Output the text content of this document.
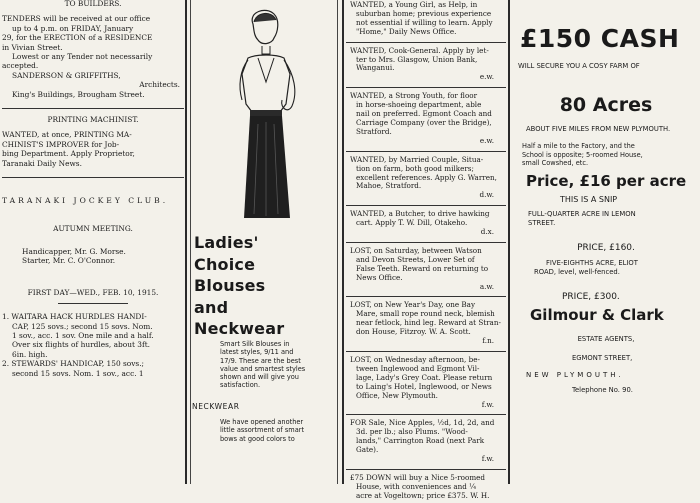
TO BUILDERS.
TENDERS will be received at our office
up to 4 p.m. on FRIDAY, January
29, for the ERECTION of a RESIDENCE
in Vivian Street.
Lowest or any Tender not necessarily
accepted.
SANDERSON & GRIFFITHS,
Architects.
King's Buildings, Brougham Street.
PRINTING MACHINIST.
WANTED, at once, PRINTING MA-
CHINIST'S IMPROVER for Job-
bing Department. Apply Proprietor,
Taranaki Daily News.
TARANAKI JOCKEY CLUB.
AUTUMN MEETING.
Handicapper, Mr. G. Morse.
Starter, Mr. C. O'Connor.
FIRST DAY—WED., FEB. 10, 1915.
1. WAITARA HACK HURDLES HANDI-
CAP, 125 sovs.; second 15 sovs. Nom.
1 sov., acc. 1 sov. One mile and a half.
Over six flights of hurdles, about 3ft.
6in. high.
2. STEWARDS' HANDICAP, 150 sovs.;
second 15 sovs. Nom. 1 sov., acc. 1
Ladies'
Choice
Blouses
and
Neckwear
Smart Silk Blouses in
latest styles, 9/11 and
17/9. These are the best
value and smartest styles
shown and will give you
satisfaction.
NECKWEAR
We have opened another
little assortment of smart
bows at good colors to
WANTED, a Young Girl, as Help, in
suburban home; previous experience
not essential if willing to learn. Apply
"Home," Daily News Office.
WANTED, Cook-General. Apply by let-
ter to Mrs. Glasgow, Union Bank,
Wanganui.
e.w.
WANTED, a Strong Youth, for floor
in horse-shoeing department, able
nail on preferred. Egmont Coach and
Carriage Company (over the Bridge),
Stratford.
e.w.
WANTED, by Married Couple, Situa-
tion on farm, both good milkers;
excellent references. Apply G. Warren,
Mahoe, Stratford.
d.w.
WANTED, a Butcher, to drive hawking
cart. Apply T. W. Dill, Otakeho.
d.x.
LOST, on Saturday, between Watson
and Devon Streets, Lower Set of
False Teeth. Reward on returning to
News Office.
a.w.
LOST, on New Year's Day, one Bay
Mare, small rope round neck, blemish
near fetlock, hind leg. Reward at Stran-
don House, Fitzroy. W. A. Scott.
f.n.
LOST, on Wednesday afternoon, be-
tween Inglewood and Egmont Vil-
lage, Lady's Grey Coat. Please return
to Laing's Hotel, Inglewood, or News
Office, New Plymouth.
f.w.
FOR Sale, Nice Apples, ½d, 1d, 2d, and
3d. per lb.; also Plums. "Wood-
lands," Carrington Road (next Park
Gate).
f.w.
£75 DOWN will buy a Nice 5-roomed
House, with conveniences and ¼
acre at Vogeltown; price £375. W. H.
£150 CASH
WILL SECURE YOU A COSY FARM OF
80 Acres
ABOUT FIVE MILES FROM NEW PLYMOUTH.
Half a mile to the Factory, and the
School is opposite; 5-roomed House,
small Cowshed, etc.
Price, £16 per acre
THIS IS A SNIP
FULL-QUARTER ACRE IN LEMON
STREET.
PRICE, £160.
FIVE-EIGHTHS ACRE, ELIOT
ROAD, level, well-fenced.
PRICE, £300.
Gilmour & Clark
ESTATE AGENTS,
EGMONT STREET,
NEW PLYMOUTH.
Telephone No. 90.
